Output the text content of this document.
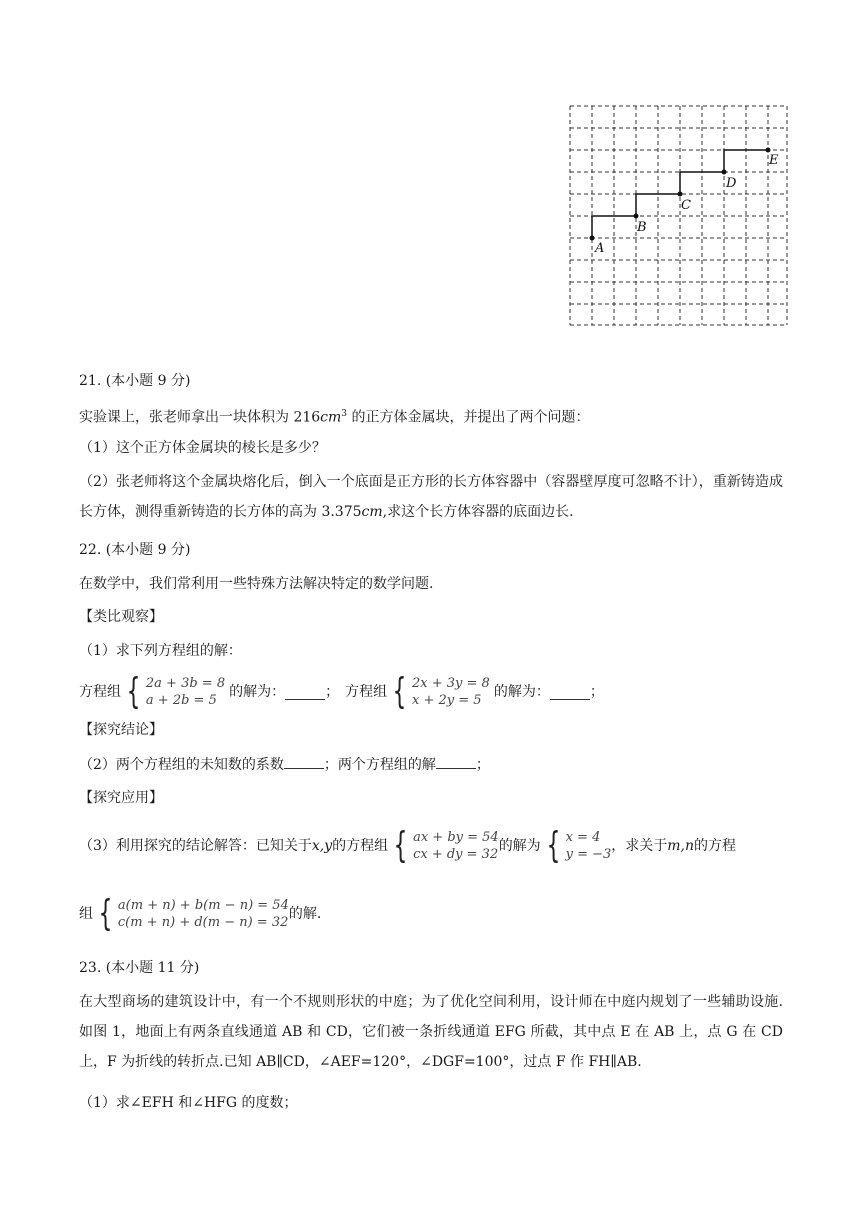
A
B
C
D
E
21. (本小题 9 分)
实验课上，张老师拿出一块体积为 $216cm^3$ 的正方体金属块，并提出了两个问题：
（1）这个正方体金属块的棱长是多少？
（2）张老师将这个金属块熔化后，倒入一个底面是正方形的长方体容器中（容器壁厚度可忽略不计），重新铸造成长方体，测得重新铸造的长方体的高为 3.375cm,求这个长方体容器的底面边长.
22. (本小题 9 分)
在数学中，我们常利用一些特殊方法解决特定的数学问题.
【类比观察】
（1）求下列方程组的解：
方程组 { 2a + 3b = 8
a + 2b = 5
的解为：	； 方程组 { 2x + 3y = 8
x + 2y = 5
的解为：	；
【探究结论】
（2）两个方程组的未知数的系数	；两个方程组的解	；
【探究应用】
（3）利用探究的结论解答：已知关于 x,y 的方程组 { ax + by = 54
cx + dy = 32
的解为 { x = 4
y = −3
，求关于 m,n 的方程
组 { a(m + n) + b(m − n) = 54
c(m + n) + d(m − n) = 32
的解.
23. (本小题 11 分)
在大型商场的建筑设计中，有一个不规则形状的中庭；为了优化空间利用，设计师在中庭内规划了一些辅助设施.如图 1，地面上有两条直线通道 AB 和 CD，它们被一条折线通道 EFG 所截，其中点 E 在 AB 上，点 G 在 CD 上，F 为折线的转折点.已知 AB∥CD，∠AEF=120°，∠DGF=100°，过点 F 作 FH∥AB.
（1）求∠EFH 和∠HFG 的度数；
